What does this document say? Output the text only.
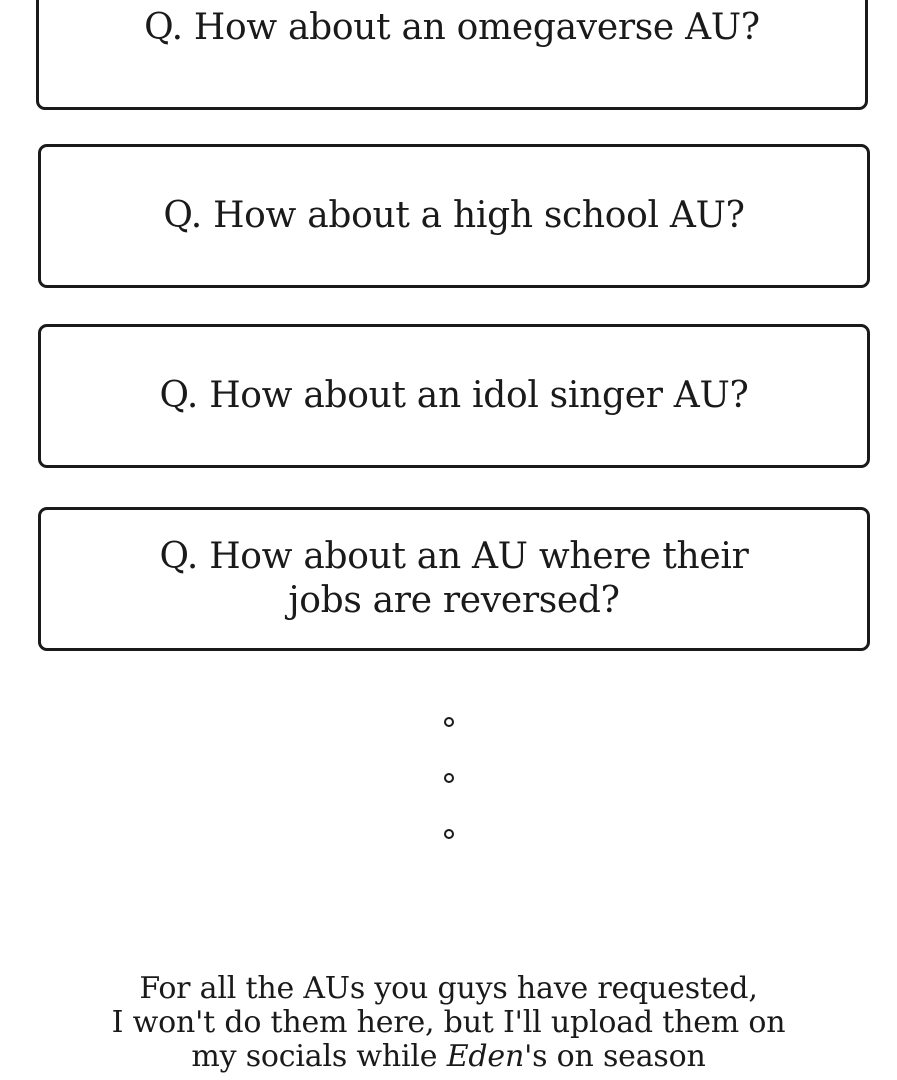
Q. How about an omegaverse AU?
Q. How about a high school AU?
Q. How about an idol singer AU?
Q. How about an AU where their
jobs are reversed?
For all the AUs you guys have requested,
I won't do them here, but I'll upload them on
my socials while Eden's on season
